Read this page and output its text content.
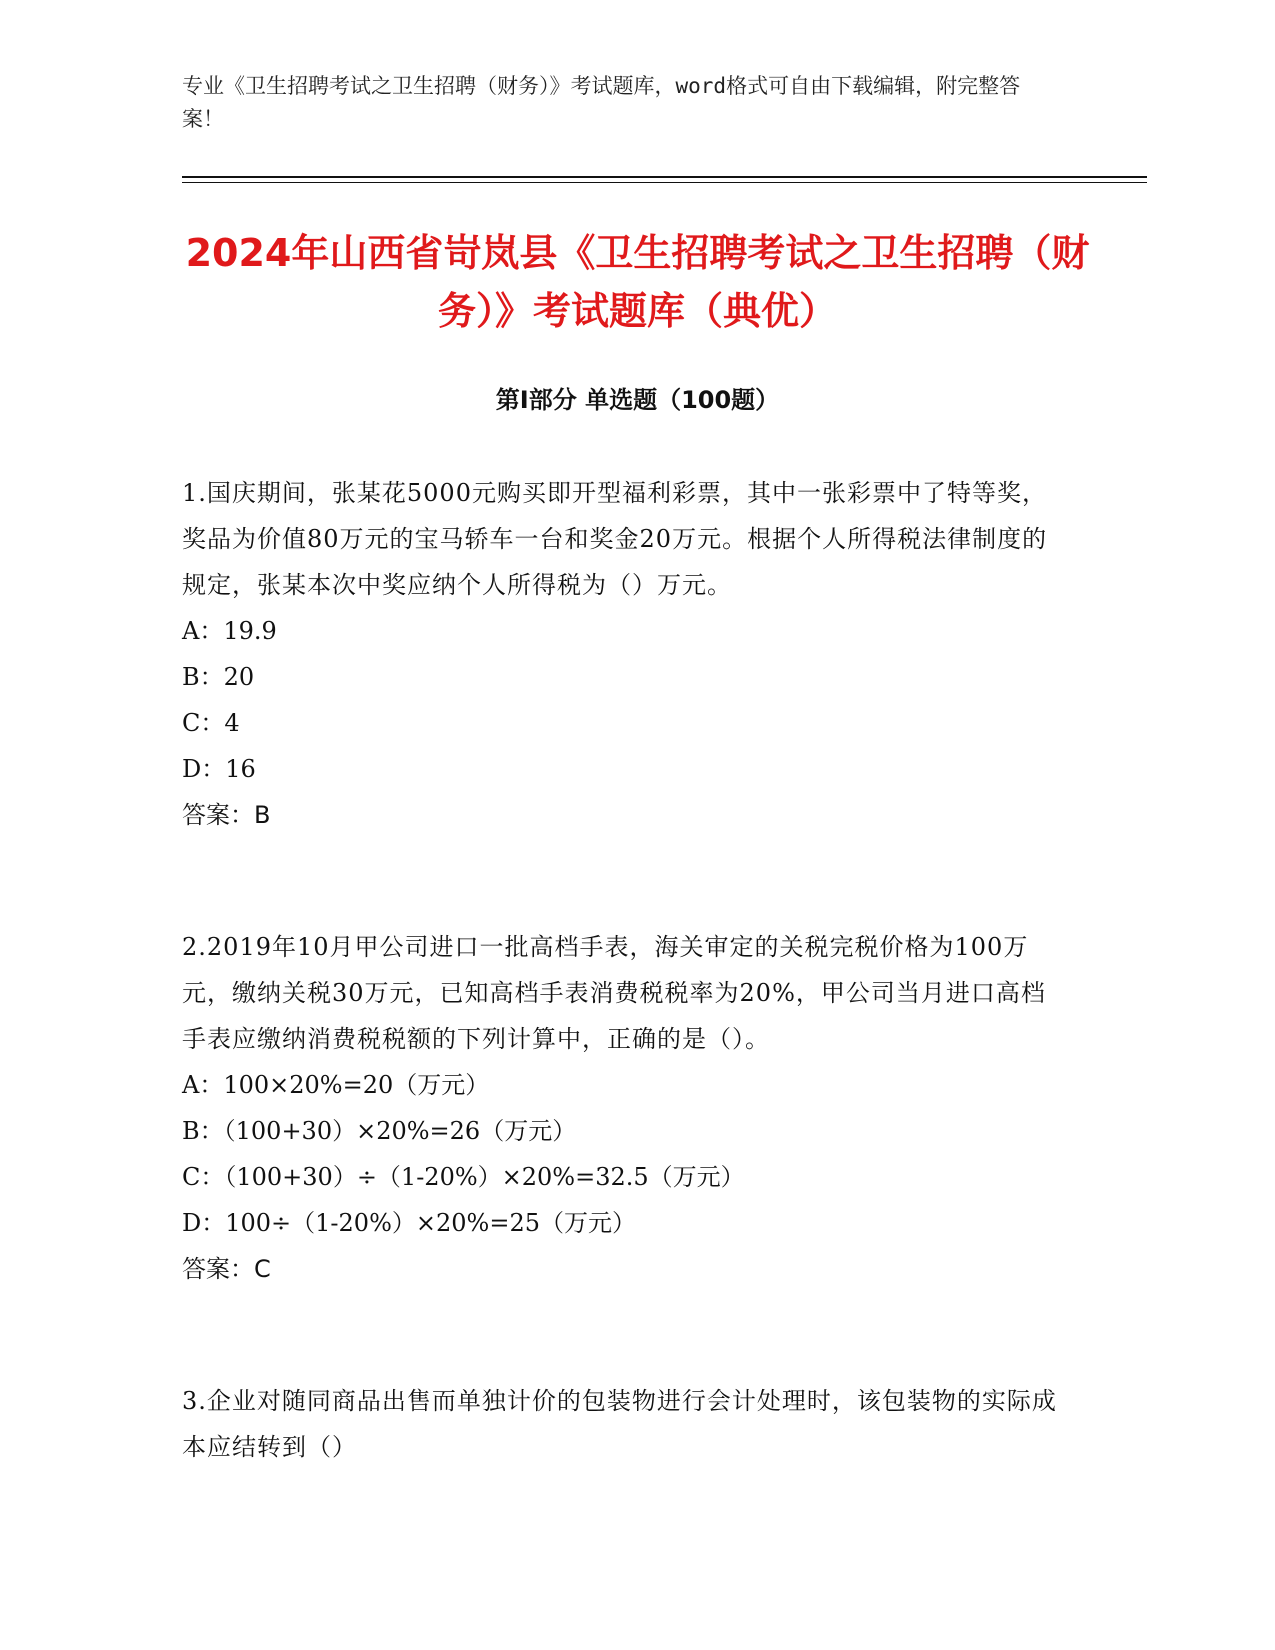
专业《卫生招聘考试之卫生招聘（财务）》考试题库，word格式可自由下载编辑，附完整答案！

2024年山西省岢岚县《卫生招聘考试之卫生招聘（财务）》考试题库（典优）
第Ⅰ部分 单选题（100题）

1.国庆期间，张某花5000元购买即开型福利彩票，其中一张彩票中了特等奖，奖品为价值80万元的宝马轿车一台和奖金20万元。根据个人所得税法律制度的规定，张某本次中奖应纳个人所得税为（）万元。

A：19.9

B：20

C：4

D：16

答案：B

2.2019年10月甲公司进口一批高档手表，海关审定的关税完税价格为100万元，缴纳关税30万元，已知高档手表消费税税率为20%，甲公司当月进口高档手表应缴纳消费税税额的下列计算中，正确的是（）。

A：100×20%=20（万元）

B：（100+30）×20%=26（万元）

C：（100+30）÷（1-20%）×20%=32.5（万元）

D：100÷（1-20%）×20%=25（万元）

答案：C

3.企业对随同商品出售而单独计价的包装物进行会计处理时，该包装物的实际成本应结转到（）
